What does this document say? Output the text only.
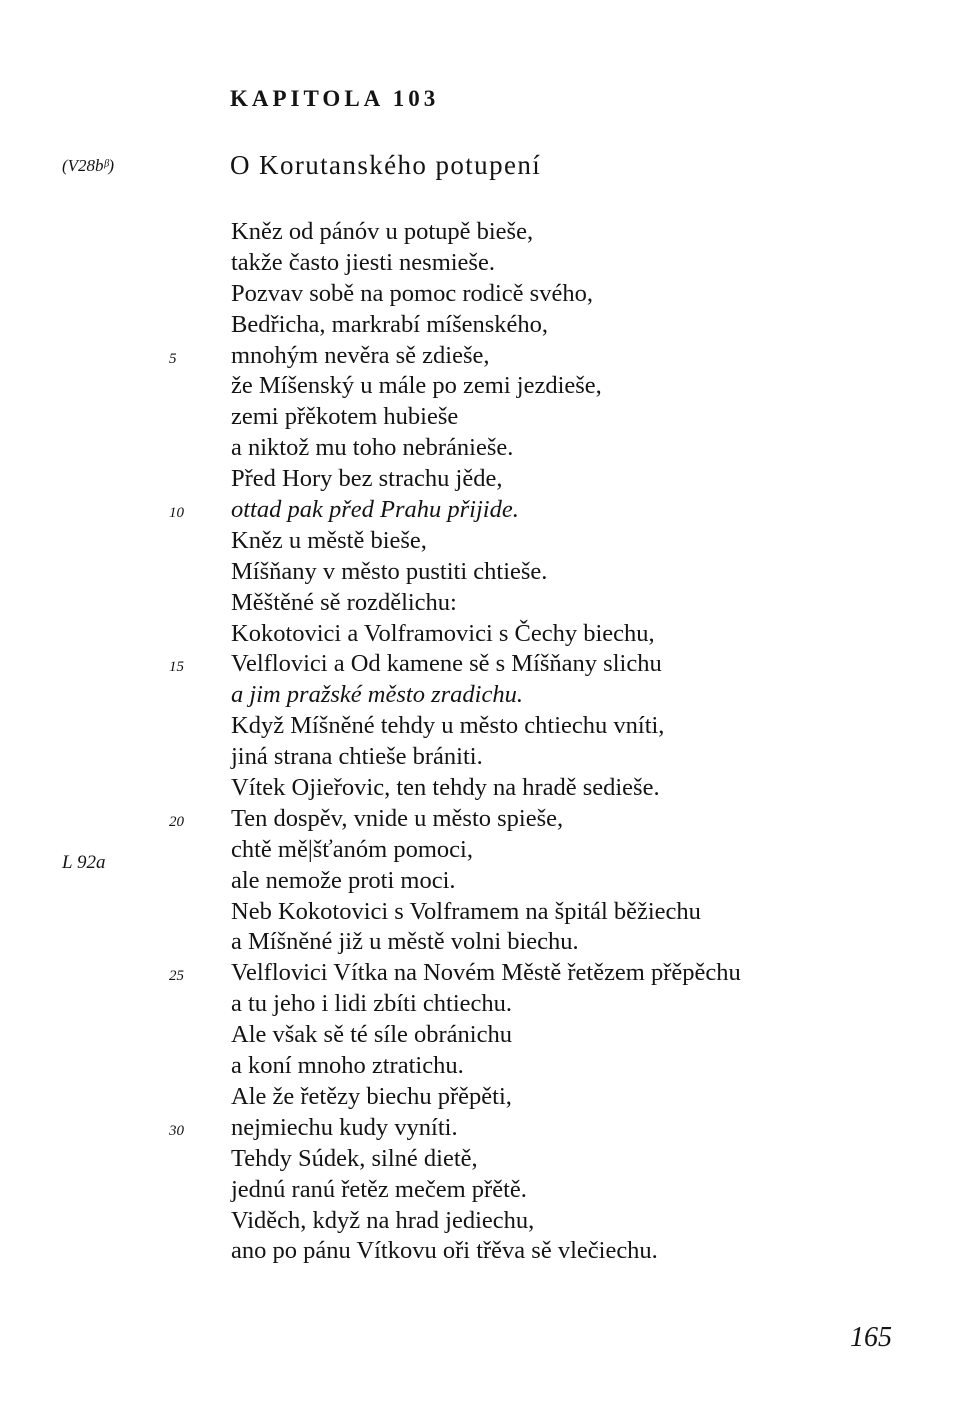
KAPITOLA 103
(V28bᵝ)	O Korutanského potupení
Kněz od pánóv u potupě bieše,
takže často jiesti nesmieše.
Pozvav sobě na pomoc rodicě svého,
Bedřicha, markrabí míšenského,
5	mnohým nevěra sě zdieše,
že Míšenský u mále po zemi jezdieše,
zemi přěkotem hubieše
a niktož mu toho nebránieše.
Před Hory bez strachu jěde,
10	ottad pak před Prahu přijide.
Kněz u městě bieše,
Míšňany v město pustiti chtieše.
Měštěné sě rozdělichu:
Kokotovici a Volframovici s Čechy biechu,
15	Velflovici a Od kamene sě s Míšňany slichu
a jim pražské město zradichu.
Když Míšněné tehdy u město chtiechu vníti,
jiná strana chtieše brániti.
Vítek Ojieřovic, ten tehdy na hradě sedieše.
20	Ten dospěv, vnide u město spieše,
chtě mě|šťanóm pomoci,
ale nemože proti moci.
Neb Kokotovici s Volframem na špitál běžiechu
a Míšněné již u městě volni biechu.
25	Velflovici Vítka na Novém Městě řetězem přěpěchu
a tu jeho i lidi zbíti chtiechu.
Ale však sě té síle obránichu
a koní mnoho ztratichu.
Ale že řetězy biechu přěpěti,
30	nejmiechu kudy vyníti.
Tehdy Súdek, silné dietě,
jednú ranú řetěz mečem přětě.
Viděch, když na hrad jediechu,
ano po pánu Vítkovu oři třěva sě vlečiechu.
L 92a
165
